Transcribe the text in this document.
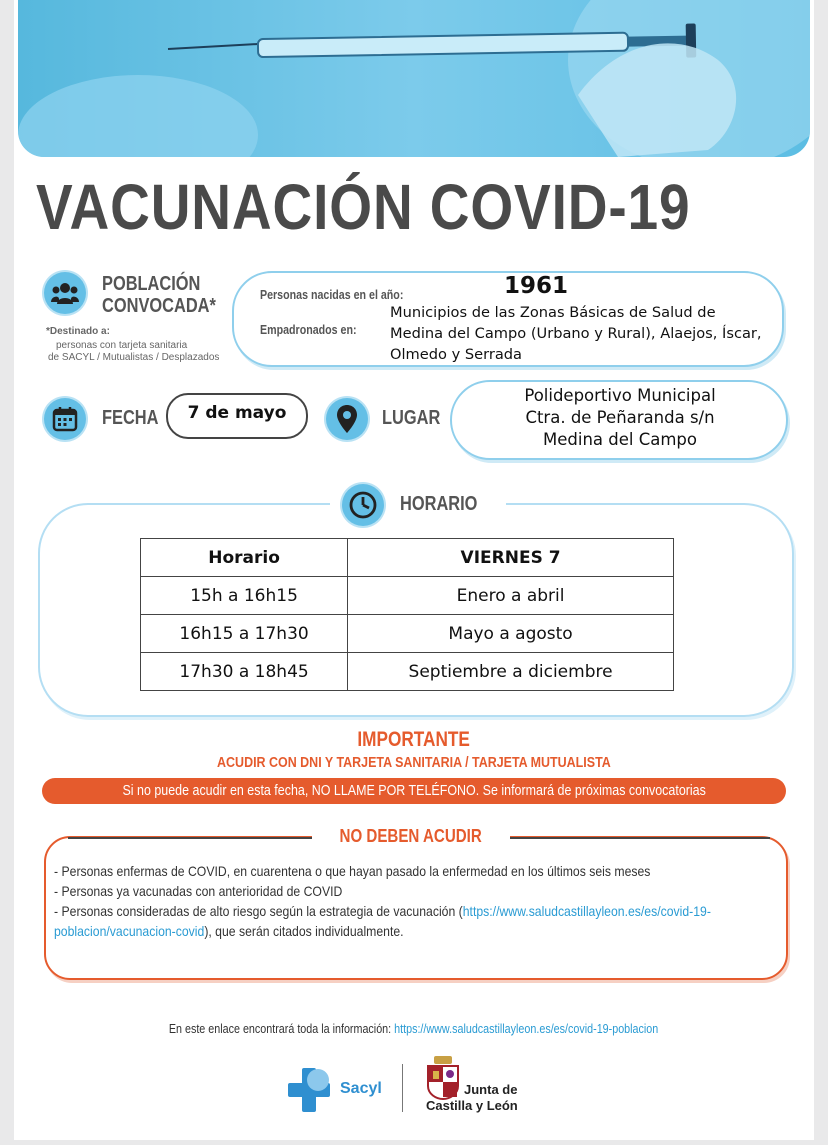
VACUNACIÓN COVID-19
POBLACIÓN
CONVOCADA*
*Destinado a:
personas con tarjeta sanitaria
de SACYL / Mutualistas / Desplazados
Personas nacidas en el año:	1961
Empadronados en:
Municipios de las Zonas Básicas de Salud de Medina del Campo (Urbano y Rural), Alaejos, Íscar, Olmedo y Serrada
FECHA	7 de mayo	LUGAR
Polideportivo Municipal
Ctra. de Peñaranda s/n
Medina del Campo
HORARIO
Horario	VIERNES 7
15h a 16h15	Enero a abril
16h15 a 17h30	Mayo a agosto
17h30 a 18h45	Septiembre a diciembre
IMPORTANTE
ACUDIR CON DNI Y TARJETA SANITARIA / TARJETA MUTUALISTA
Si no puede acudir en esta fecha, NO LLAME POR TELÉFONO. Se informará de próximas convocatorias
NO DEBEN ACUDIR
- Personas enfermas de COVID, en cuarentena o que hayan pasado la enfermedad en los últimos seis meses
- Personas ya vacunadas con anterioridad de COVID
- Personas consideradas de alto riesgo según la estrategia de vacunación (https://www.saludcastillayleon.es/es/covid-19-poblacion/vacunacion-covid), que serán citados individualmente.
En este enlace encontrará toda la información: https://www.saludcastillayleon.es/es/covid-19-poblacion
Sacyl	Junta de
Castilla y León
